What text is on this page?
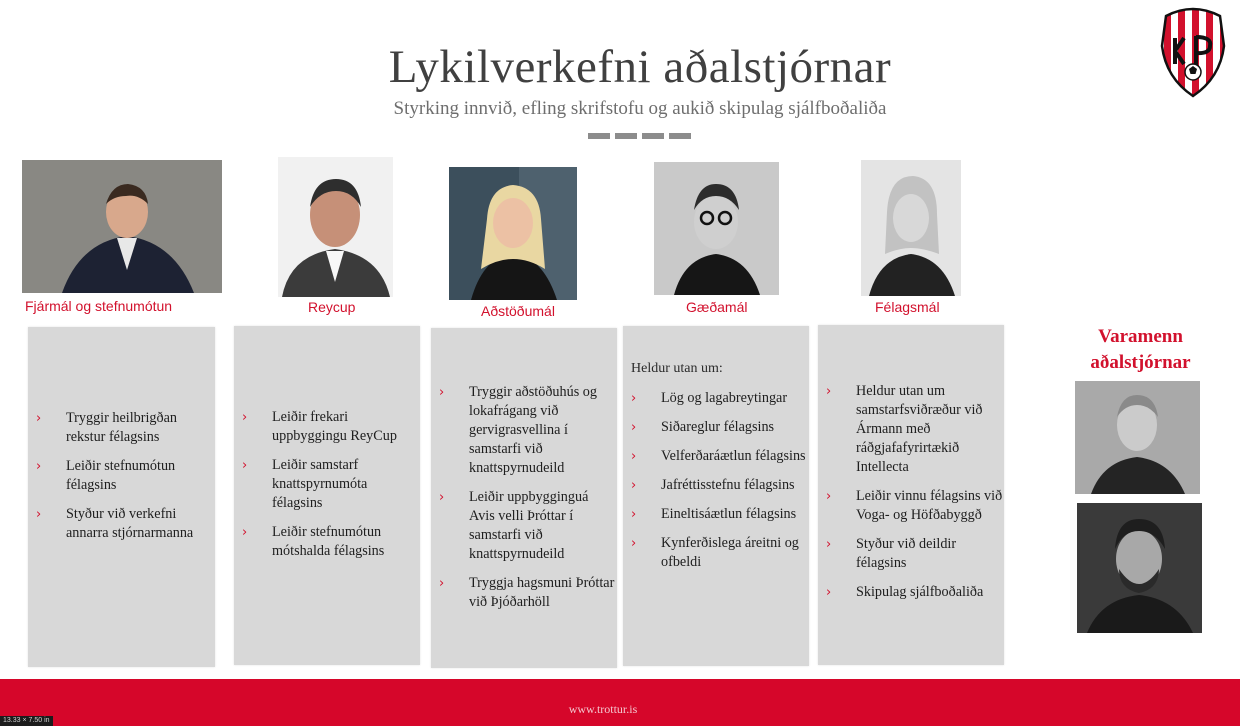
Lykilverkefni aðalstjórnar
Styrking innvið, efling skrifstofu og aukið skipulag sjálfboðaliða
Fjármál og stefnumótun	Reycup	Aðstöðumál	Gæðamál	Félagsmál
› Tryggir heilbrigðan rekstur félagsins
› Leiðir stefnumótun félagsins
› Styður við verkefni annarra stjórnarmanna
› Leiðir frekari uppbyggingu ReyCup
› Leiðir samstarf knattspyrnumóta félagsins
› Leiðir stefnumótun mótshalda félagsins
› Tryggir aðstöðuhús og lokafrágang við gervigrasvellina í samstarfi við knattspyrnudeild
› Leiðir uppbygginguá Avis velli Þróttar í samstarfi við knattspyrnudeild
› Tryggja hagsmuni Þróttar við Þjóðarhöll
Heldur utan um:
› Lög og lagabreytingar
› Siðareglur félagsins
› Velferðaráætlun félagsins
› Jafréttisstefnu félagsins
› Eineltisáætlun félagsins
› Kynferðislega áreitni og ofbeldi
› Heldur utan um samstarfsviðræður við Ármann með ráðgjafafyrirtækið Intellecta
› Leiðir vinnu félagsins við Voga- og Höfðabyggð
› Styður við deildir félagsins
› Skipulag sjálfboðaliða
Varamenn aðalstjórnar
www.trottur.is
13.33 × 7.50 in
